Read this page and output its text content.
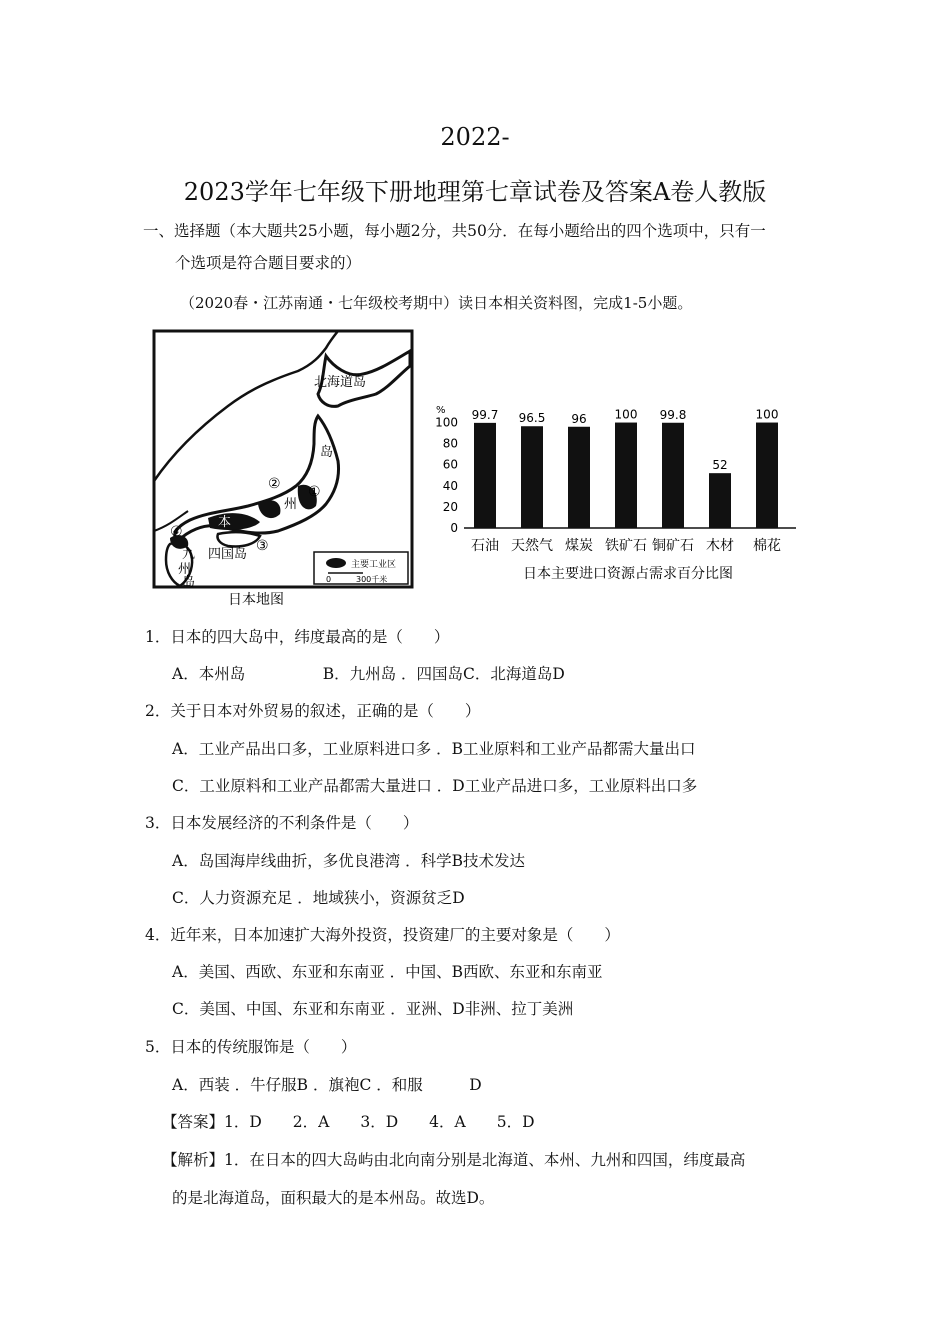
2022-
2023学年七年级下册地理第七章试卷及答案A卷人教版
一、选择题（本大题共25小题，每小题2分，共50分．在每小题给出的四个选项中，只有一
个选项是符合题目要求的）
（2020春・江苏南通・七年级校考期中）读日本相关资料图，完成1-5小题。
北海道岛
岛
州
本
四国岛
九
州
岛
①
②
③
④
主要工业区
0	300千米
日本地图
%
100
80
60
40
20
0
99.7 96.5 96 100 99.8
52
100
石油 天然气 煤炭 铁矿石 铜矿石 木材 棉花
日本主要进口资源占需求百分比图
1．日本的四大岛中，纬度最高的是（　　）
A．本州岛　　　　　B．九州岛 ．四国岛C．北海道岛D
2．关于日本对外贸易的叙述，正确的是（　　）
A．工业产品出口多，工业原料进口多 ．B工业原料和工业产品都需大量出口
C．工业原料和工业产品都需大量进口 ．D工业产品进口多，工业原料出口多
3．日本发展经济的不利条件是（　　）
A．岛国海岸线曲折，多优良港湾 ．科学B技术发达
C．人力资源充足 ．地域狭小，资源贫乏D
4．近年来，日本加速扩大海外投资，投资建厂的主要对象是（　　）
A．美国、西欧、东亚和东南亚 ．中国、B西欧、东亚和东南亚
C．美国、中国、东亚和东南亚 ．亚洲、D非洲、拉丁美洲
5．日本的传统服饰是（　　）
A．西装 ．牛仔服B ．旗袍C ．和服　　　D
【答案】1．D　　2．A　　3．D　　4．A　　5．D
【解析】1．在日本的四大岛屿由北向南分别是北海道、本州、九州和四国，纬度最高
的是北海道岛，面积最大的是本州岛。故选D。
